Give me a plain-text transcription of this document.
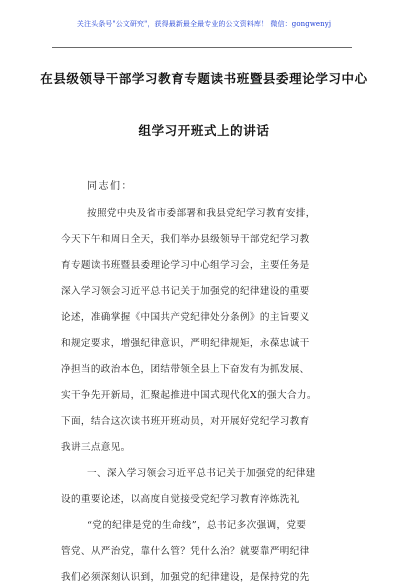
关注头条号"公文研究"，获得最新最全最专业的公文资料库！ 微信：gongwenyj
在县级领导干部学习教育专题读书班暨县委理论学习中心
组学习开班式上的讲话
同志们：
按照党中央及省市委部署和我县党纪学习教育安排，
今天下午和周日全天，我们举办县级领导干部党纪学习教
育专题读书班暨县委理论学习中心组学习会，主要任务是
深入学习领会习近平总书记关于加强党的纪律建设的重要
论述，准确掌握《中国共产党纪律处分条例》的主旨要义
和规定要求，增强纪律意识，严明纪律规矩，永葆忠诚干
净担当的政治本色，团结带领全县上下奋发有为抓发展、
实干争先开新局，汇聚起推进中国式现代化X的强大合力。
下面，结合这次读书班开班动员，对开展好党纪学习教育
我讲三点意见。
一、深入学习领会习近平总书记关于加强党的纪律建
设的重要论述，以高度自觉接受党纪学习教育淬炼洗礼
“党的纪律是党的生命线”，总书记多次强调，党要
管党、从严治党，靠什么管？凭什么治？就要靠严明纪律
我们必须深刻认识到，加强党的纪律建设，是保持党的先
